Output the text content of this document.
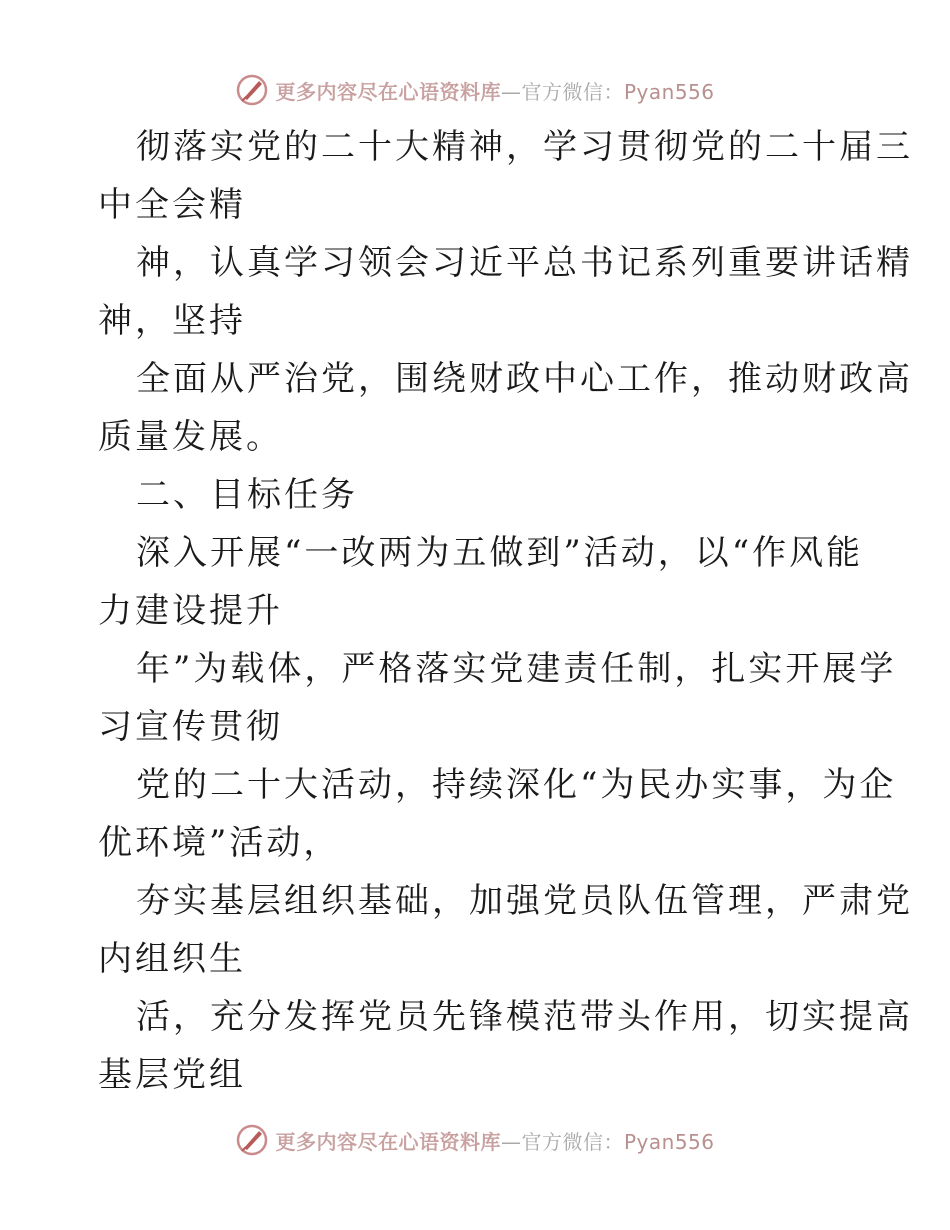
更多内容尽在心语资料库—官方微信：Pyan556

彻落实党的二十大精神，学习贯彻党的二十届三
中全会精

神，认真学习领会习近平总书记系列重要讲话精
神，坚持

全面从严治党，围绕财政中心工作，推动财政高
质量发展。

二、目标任务

深入开展“一改两为五做到”活动，以“作风能
力建设提升

年”为载体，严格落实党建责任制，扎实开展学
习宣传贯彻

党的二十大活动，持续深化“为民办实事，为企
优环境”活动，

夯实基层组织基础，加强党员队伍管理，严肃党
内组织生

活，充分发挥党员先锋模范带头作用，切实提高
基层党组

更多内容尽在心语资料库—官方微信：Pyan556
